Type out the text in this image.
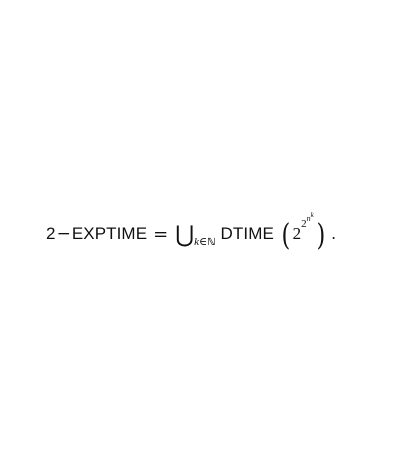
2 − EXPTIME = ⋃ k∈ℕ DTIME ( 2 2 n k
) .
